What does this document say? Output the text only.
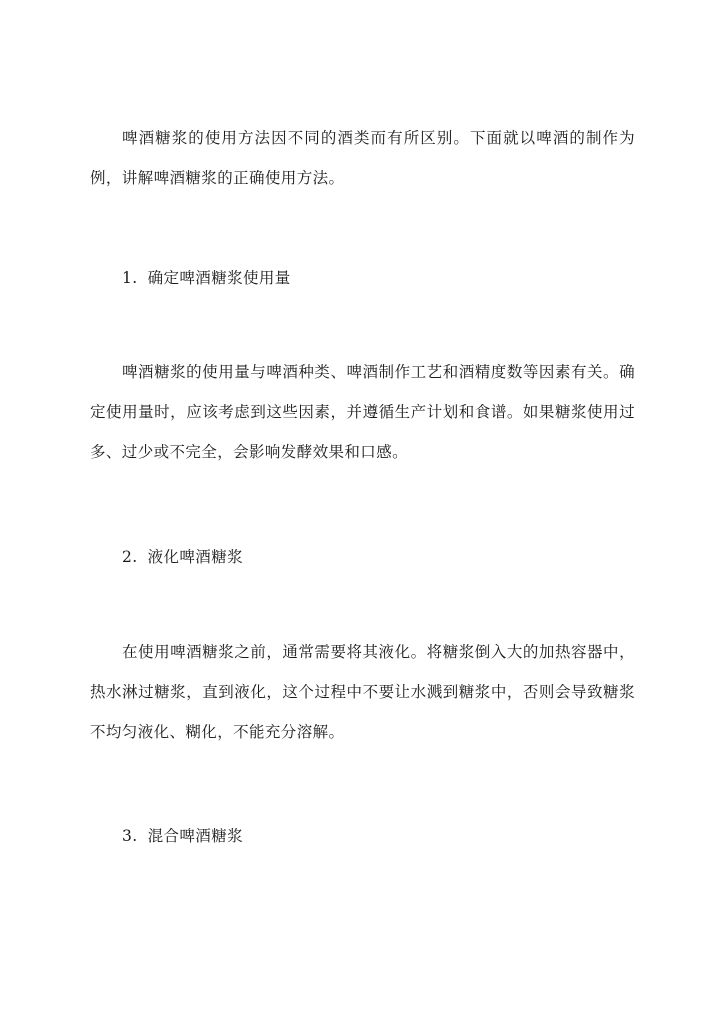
啤酒糖浆的使用方法因不同的酒类而有所区别。下面就以啤酒的制作为例，讲解啤酒糖浆的正确使用方法。

1. 确定啤酒糖浆使用量

啤酒糖浆的使用量与啤酒种类、啤酒制作工艺和酒精度数等因素有关。确定使用量时，应该考虑到这些因素，并遵循生产计划和食谱。如果糖浆使用过多、过少或不完全，会影响发酵效果和口感。

2. 液化啤酒糖浆

在使用啤酒糖浆之前，通常需要将其液化。将糖浆倒入大的加热容器中，热水淋过糖浆，直到液化，这个过程中不要让水溅到糖浆中，否则会导致糖浆不均匀液化、糊化，不能充分溶解。

3. 混合啤酒糖浆
